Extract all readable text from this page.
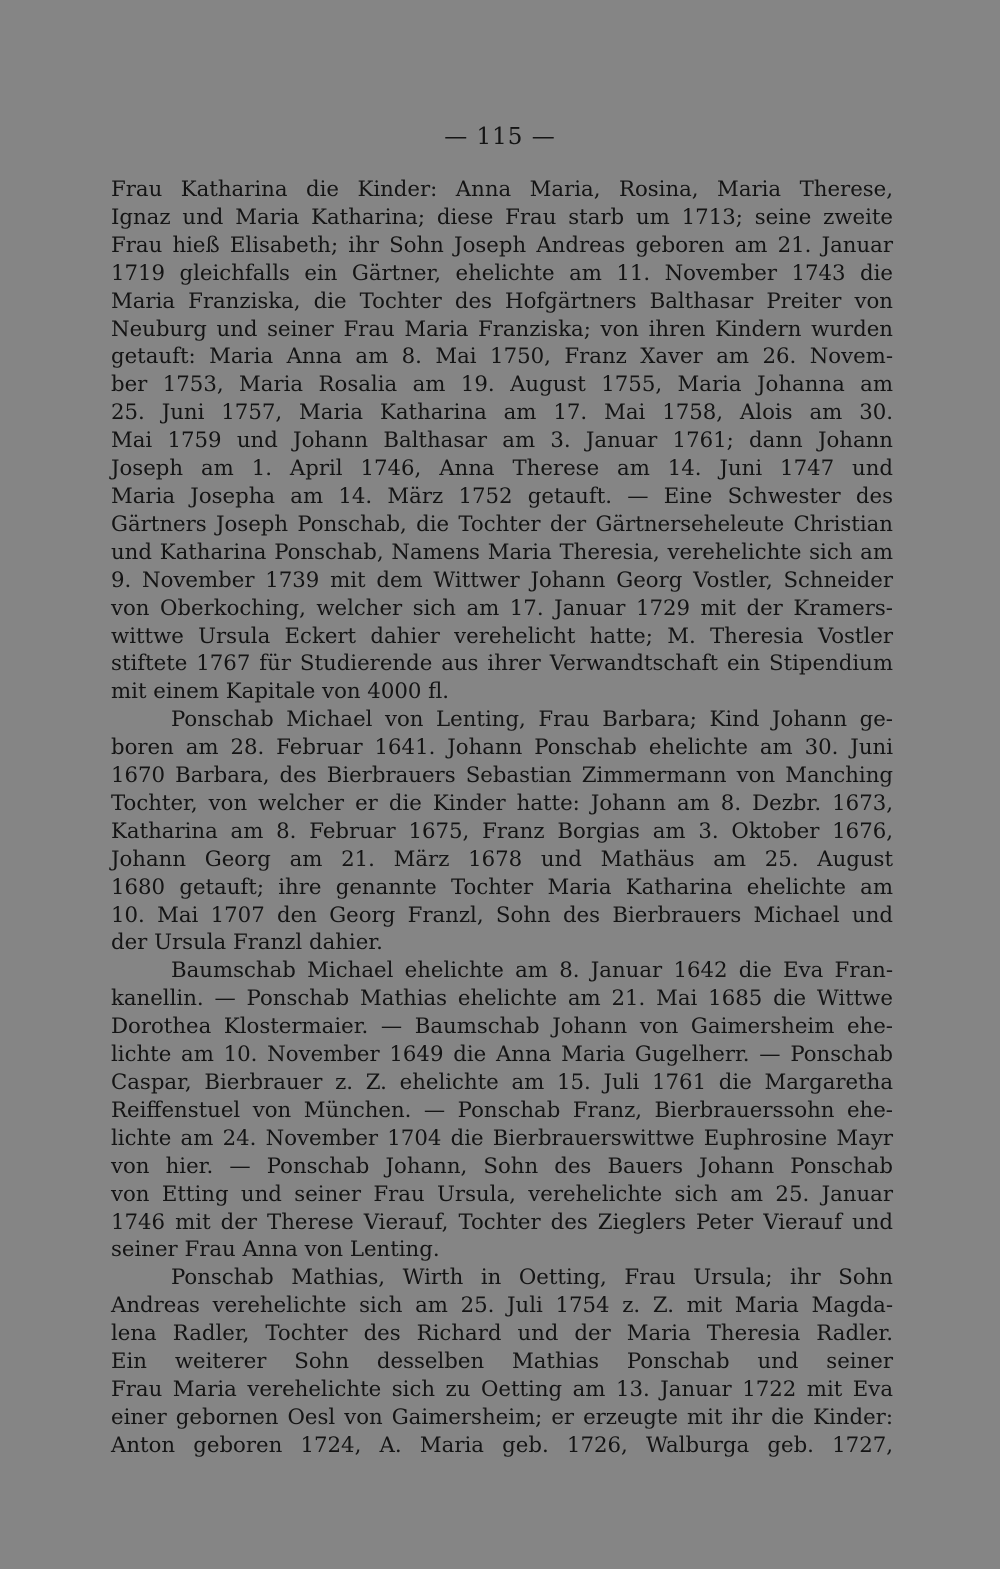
— 115 —

Frau Katharina die Kinder: Anna Maria, Rosina, Maria Therese,

Ignaz und Maria Katharina; diese Frau starb um 1713; seine zweite

Frau hieß Elisabeth; ihr Sohn Joseph Andreas geboren am 21. Januar

1719 gleichfalls ein Gärtner, ehelichte am 11. November 1743 die

Maria Franziska, die Tochter des Hofgärtners Balthasar Preiter von

Neuburg und seiner Frau Maria Franziska; von ihren Kindern wurden

getauft: Maria Anna am 8. Mai 1750, Franz Xaver am 26. Novem-

ber 1753, Maria Rosalia am 19. August 1755, Maria Johanna am

25. Juni 1757, Maria Katharina am 17. Mai 1758, Alois am 30.

Mai 1759 und Johann Balthasar am 3. Januar 1761; dann Johann

Joseph am 1. April 1746, Anna Therese am 14. Juni 1747 und

Maria Josepha am 14. März 1752 getauft. — Eine Schwester des

Gärtners Joseph Ponschab, die Tochter der Gärtnerseheleute Christian

und Katharina Ponschab, Namens Maria Theresia, verehelichte sich am

9. November 1739 mit dem Wittwer Johann Georg Vostler, Schneider

von Oberkoching, welcher sich am 17. Januar 1729 mit der Kramers-

wittwe Ursula Eckert dahier verehelicht hatte; M. Theresia Vostler

stiftete 1767 für Studierende aus ihrer Verwandtschaft ein Stipendium

mit einem Kapitale von 4000 fl.

Ponschab Michael von Lenting, Frau Barbara; Kind Johann ge-

boren am 28. Februar 1641. Johann Ponschab ehelichte am 30. Juni

1670 Barbara, des Bierbrauers Sebastian Zimmermann von Manching

Tochter, von welcher er die Kinder hatte: Johann am 8. Dezbr. 1673,

Katharina am 8. Februar 1675, Franz Borgias am 3. Oktober 1676,

Johann Georg am 21. März 1678 und Mathäus am 25. August

1680 getauft; ihre genannte Tochter Maria Katharina ehelichte am

10. Mai 1707 den Georg Franzl, Sohn des Bierbrauers Michael und

der Ursula Franzl dahier.

Baumschab Michael ehelichte am 8. Januar 1642 die Eva Fran-

kanellin. — Ponschab Mathias ehelichte am 21. Mai 1685 die Wittwe

Dorothea Klostermaier. — Baumschab Johann von Gaimersheim ehe-

lichte am 10. November 1649 die Anna Maria Gugelherr. — Ponschab

Caspar, Bierbrauer z. Z. ehelichte am 15. Juli 1761 die Margaretha

Reiffenstuel von München. — Ponschab Franz, Bierbrauerssohn ehe-

lichte am 24. November 1704 die Bierbrauerswittwe Euphrosine Mayr

von hier. — Ponschab Johann, Sohn des Bauers Johann Ponschab

von Etting und seiner Frau Ursula, verehelichte sich am 25. Januar

1746 mit der Therese Vierauf, Tochter des Zieglers Peter Vierauf und

seiner Frau Anna von Lenting.

Ponschab Mathias, Wirth in Oetting, Frau Ursula; ihr Sohn

Andreas verehelichte sich am 25. Juli 1754 z. Z. mit Maria Magda-

lena Radler, Tochter des Richard und der Maria Theresia Radler.

Ein weiterer Sohn desselben Mathias Ponschab und seiner

Frau Maria verehelichte sich zu Oetting am 13. Januar 1722 mit Eva

einer gebornen Oesl von Gaimersheim; er erzeugte mit ihr die Kinder:

Anton geboren 1724, A. Maria geb. 1726, Walburga geb. 1727,
